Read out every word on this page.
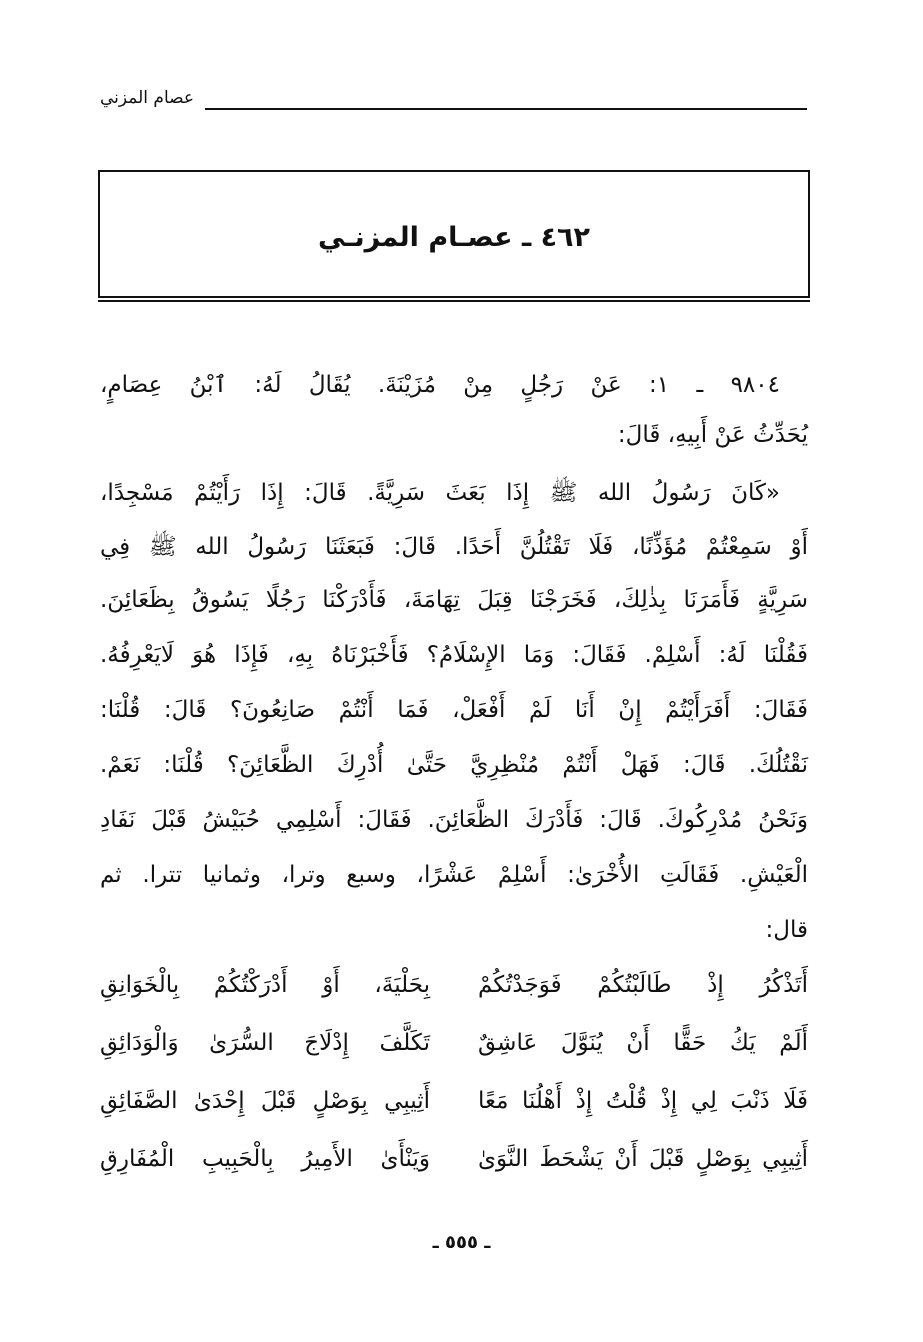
عصام المزني
٤٦٢ ـ عصـام المزنـي
٩٨٠٤ ـ ١: عَنْ رَجُلٍ مِنْ مُزَيْنَةَ. يُقَالُ لَهُ: ٱبْنُ عِصَامٍ،
يُحَدِّثُ عَنْ أَبِيهِ، قَالَ:
«كَانَ رَسُولُ الله ﷺ إِذَا بَعَثَ سَرِيَّةً. قَالَ: إِذَا رَأَيْتُمْ مَسْجِدًا،
أَوْ سَمِعْتُمْ مُؤَذِّنًا، فَلَا تَقْتُلُنَّ أَحَدًا. قَالَ: فَبَعَثَنَا رَسُولُ الله ﷺ فِي
سَرِيَّةٍ فَأَمَرَنَا بِذٰلِكَ، فَخَرَجْنَا قِبَلَ تِهَامَةَ، فَأَدْرَكْنَا رَجُلًا يَسُوقُ بِظَعَائِنَ.
فَقُلْنَا لَهُ: أَسْلِمْ. فَقَالَ: وَمَا الإِسْلَامُ؟ فَأَخْبَرْنَاهُ بِهِ، فَإِذَا هُوَ لَايَعْرِفُهُ.
فَقَالَ: أَفَرَأَيْتُمْ إِنْ أَنَا لَمْ أَفْعَلْ، فَمَا أَنْتُمْ صَانِعُونَ؟ قَالَ: قُلْنَا:
نَقْتُلُكَ. قَالَ: فَهَلْ أَنْتُمْ مُنْظِرِيَّ حَتَّىٰ أُدْرِكَ الظَّعَائِنَ؟ قُلْنَا: نَعَمْ.
وَنَحْنُ مُدْرِكُوكَ. قَالَ: فَأَدْرَكَ الظَّعَائِنَ. فَقَالَ: أَسْلِمِي حُبَيْشُ قَبْلَ نَفَادِ
الْعَيْشِ. فَقَالَتِ الأُخْرَىٰ: أَسْلِمْ عَشْرًا، وسبع وترا، وثمانيا تترا. ثم
قال:
أَتَذْكُرُ إِذْ طَالَبْتُكُمْ فَوَجَدْتُكُمْ
بِحَلْيَةَ، أَوْ أَدْرَكْتُكُمْ بِالْخَوَانِقِ
أَلَمْ يَكُ حَقًّا أَنْ يُنَوَّلَ عَاشِقٌ
تَكَلَّفَ إِدْلَاجَ السُّرَىٰ وَالْوَدَائِقِ
فَلَا ذَنْبَ لِي إِذْ قُلْتُ إِذْ أَهْلُنَا مَعًا
أَثِيبِي بِوَصْلٍ قَبْلَ إِحْدَىٰ الصَّفَائِقِ
أَثِيبِي بِوَصْلٍ قَبْلَ أَنْ يَشْحَطَ النَّوَىٰ
وَيَنْأَىٰ الأَمِيرُ بِالْحَبِيبِ الْمُفَارِقِ
ـ ٥٥٥ ـ
